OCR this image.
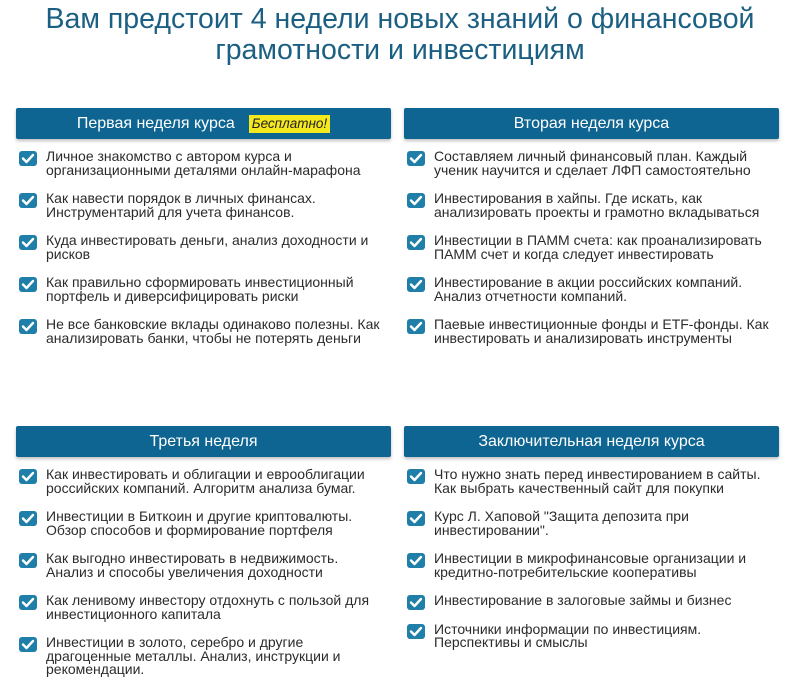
Вам предстоит 4 недели новых знаний о финансовой
грамотности и инвестициям
Первая неделя курса Бесплатно!
Личное знакомство с автором курса и организационными деталями онлайн-марафона
Как навести порядок в личных финансах. Инструментарий для учета финансов.
Куда инвестировать деньги, анализ доходности и рисков
Как правильно сформировать инвестиционный портфель и диверсифицировать риски
Не все банковские вклады одинаково полезны. Как анализировать банки, чтобы не потерять деньги
Вторая неделя курса
Составляем личный финансовый план. Каждый ученик научится и сделает ЛФП самостоятельно
Инвестирования в хайпы. Где искать, как анализировать проекты и грамотно вкладываться
Инвестиции в ПАММ счета: как проанализировать ПАММ счет и когда следует инвестировать
Инвестирование в акции российских компаний. Анализ отчетности компаний.
Паевые инвестиционные фонды и ETF-фонды. Как инвестировать и анализировать инструменты
Третья неделя
Как инвестировать и облигации и еврооблигации российских компаний. Алгоритм анализа бумаг.
Инвестиции в Биткоин и другие криптовалюты. Обзор способов и формирование портфеля
Как выгодно инвестировать в недвижимость. Анализ и способы увеличения доходности
Как ленивому инвестору отдохнуть с пользой для инвестиционного капитала
Инвестиции в золото, серебро и другие драгоценные металлы. Анализ, инструкции и рекомендации.
Заключительная неделя курса
Что нужно знать перед инвестированием в сайты. Как выбрать качественный сайт для покупки
Курс Л. Хаповой "Защита депозита при инвестировании".
Инвестиции в микрофинансовые организации и кредитно-потребительские кооперативы
Инвестирование в залоговые займы и бизнес
Источники информации по инвестициям. Перспективы и смыслы
